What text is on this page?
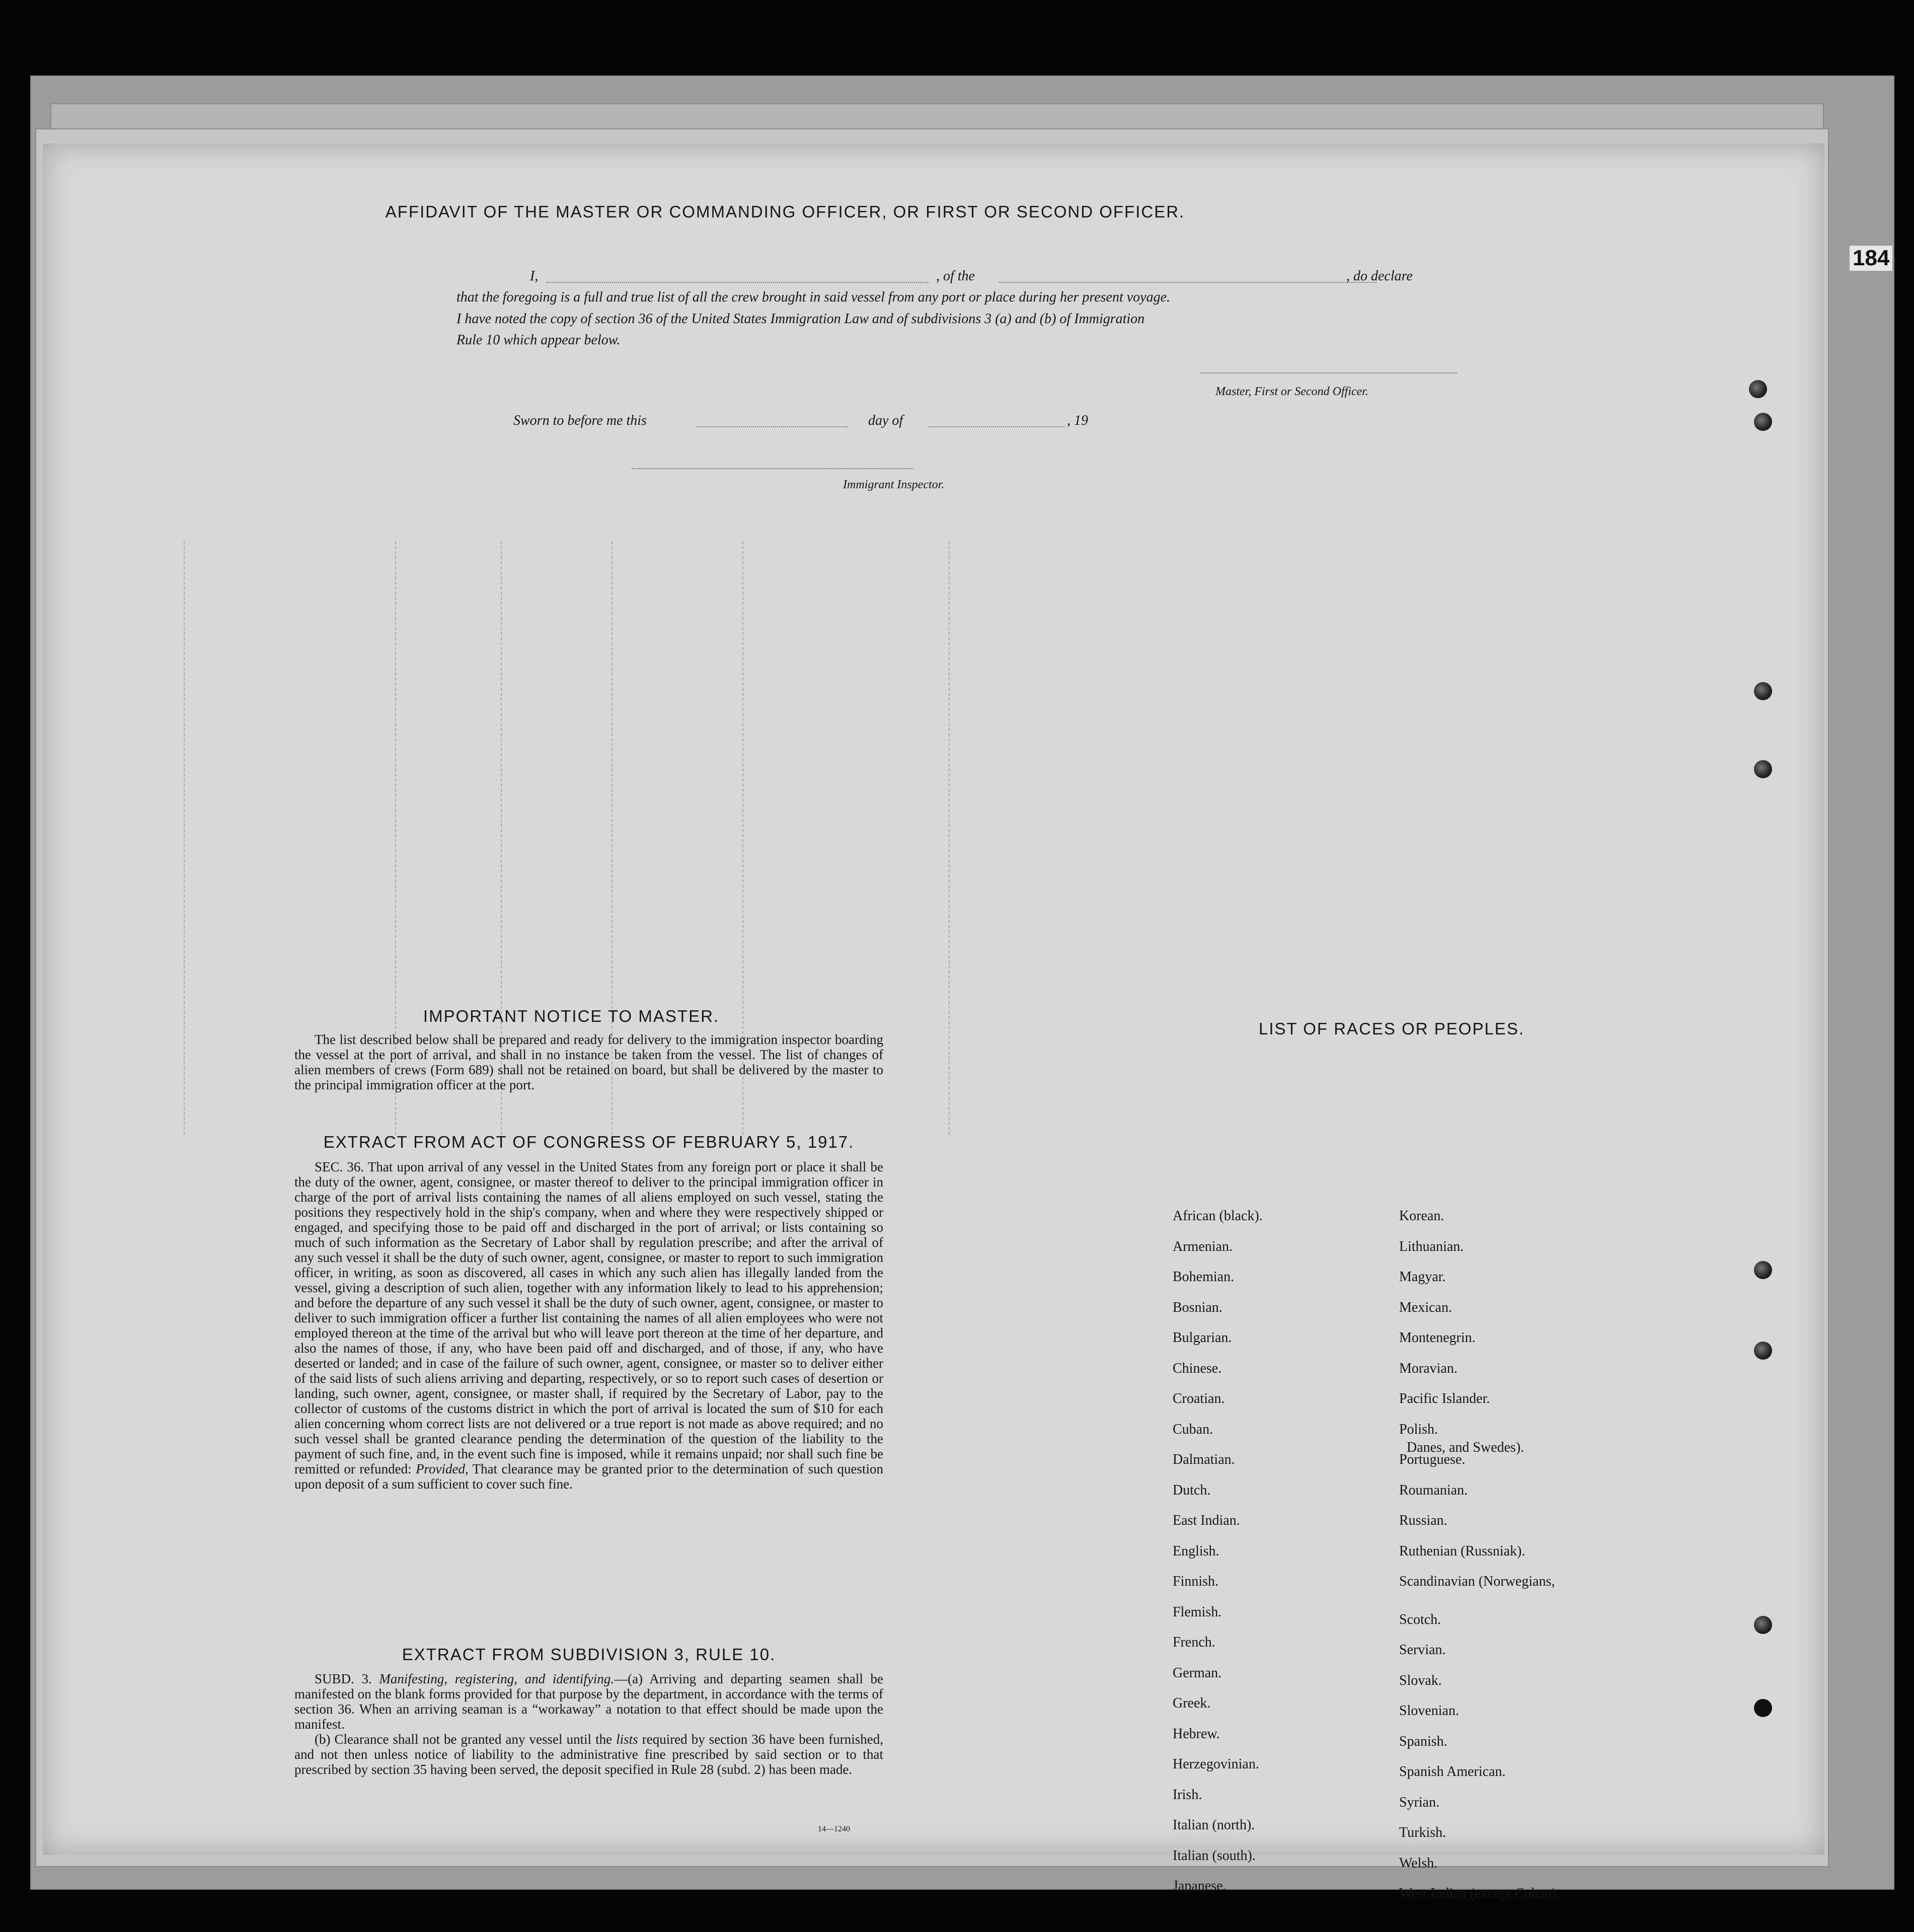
AFFIDAVIT OF THE MASTER OR COMMANDING OFFICER, OR FIRST OR SECOND OFFICER.
I,	, of the	, do declare
that the foregoing is a full and true list of all the crew brought in said vessel from any port or place during her present voyage.
I have noted the copy of section 36 of the United States Immigration Law and of subdivisions 3 (a) and (b) of Immigration
Rule 10 which appear below.
Master, First or Second Officer.
Sworn to before me this	day of	, 19
Immigrant Inspector.
IMPORTANT NOTICE TO MASTER.

The list described below shall be prepared and ready for delivery to the immigration inspector boarding the vessel at the port of arrival, and shall in no instance be taken from the vessel. The list of changes of alien members of crews (Form 689) shall not be retained on board, but shall be delivered by the master to the principal immigration officer at the port.

EXTRACT FROM ACT OF CONGRESS OF FEBRUARY 5, 1917.

SEC. 36. That upon arrival of any vessel in the United States from any foreign port or place it shall be the duty of the owner, agent, consignee, or master thereof to deliver to the principal immigration officer in charge of the port of arrival lists containing the names of all aliens employed on such vessel, stating the positions they respectively hold in the ship's company, when and where they were respectively shipped or engaged, and specifying those to be paid off and discharged in the port of arrival; or lists containing so much of such information as the Secretary of Labor shall by regulation prescribe; and after the arrival of any such vessel it shall be the duty of such owner, agent, consignee, or master to report to such immigration officer, in writing, as soon as discovered, all cases in which any such alien has illegally landed from the vessel, giving a description of such alien, together with any information likely to lead to his apprehension; and before the departure of any such vessel it shall be the duty of such owner, agent, consignee, or master to deliver to such immigration officer a further list containing the names of all alien employees who were not employed thereon at the time of the arrival but who will leave port thereon at the time of her departure, and also the names of those, if any, who have been paid off and discharged, and of those, if any, who have deserted or landed; and in case of the failure of such owner, agent, consignee, or master so to deliver either of the said lists of such aliens arriving and departing, respectively, or so to report such cases of desertion or landing, such owner, agent, consignee, or master shall, if required by the Secretary of Labor, pay to the collector of customs of the customs district in which the port of arrival is located the sum of $10 for each alien concerning whom correct lists are not delivered or a true report is not made as above required; and no such vessel shall be granted clearance pending the determination of the question of the liability to the payment of such fine, and, in the event such fine is imposed, while it remains unpaid; nor shall such fine be remitted or refunded: Provided, That clearance may be granted prior to the determination of such question upon deposit of a sum sufficient to cover such fine.

EXTRACT FROM SUBDIVISION 3, RULE 10.

SUBD. 3. Manifesting, registering, and identifying.—(a) Arriving and departing seamen shall be manifested on the blank forms provided for that purpose by the department, in accordance with the terms of section 36. When an arriving seaman is a “workaway” a notation to that effect should be made upon the manifest.

(b) Clearance shall not be granted any vessel until the lists required by section 36 have been furnished, and not then unless notice of liability to the administrative fine prescribed by said section or to that prescribed by section 35 having been served, the deposit specified in Rule 28 (subd. 2) has been made.

14—1240
LIST OF RACES OR PEOPLES.
African (black).
Armenian.
Bohemian.
Bosnian.
Bulgarian.
Chinese.
Croatian.
Cuban.
Dalmatian.
Dutch.
East Indian.
English.
Finnish.
Flemish.
French.
German.
Greek.
Hebrew.
Herzegovinian.
Irish.
Italian (north).
Italian (south).
Japanese.
Korean.
Lithuanian.
Magyar.
Mexican.
Montenegrin.
Moravian.
Pacific Islander.
Polish.
Portuguese.
Roumanian.
Russian.
Ruthenian (Russniak).
Scandinavian (Norwegians,
Scotch.
Servian.
Slovak.
Slovenian.
Spanish.
Spanish American.
Syrian.
Turkish.
Welsh.
West Indian (except Cuban).
Danes, and Swedes).
184
